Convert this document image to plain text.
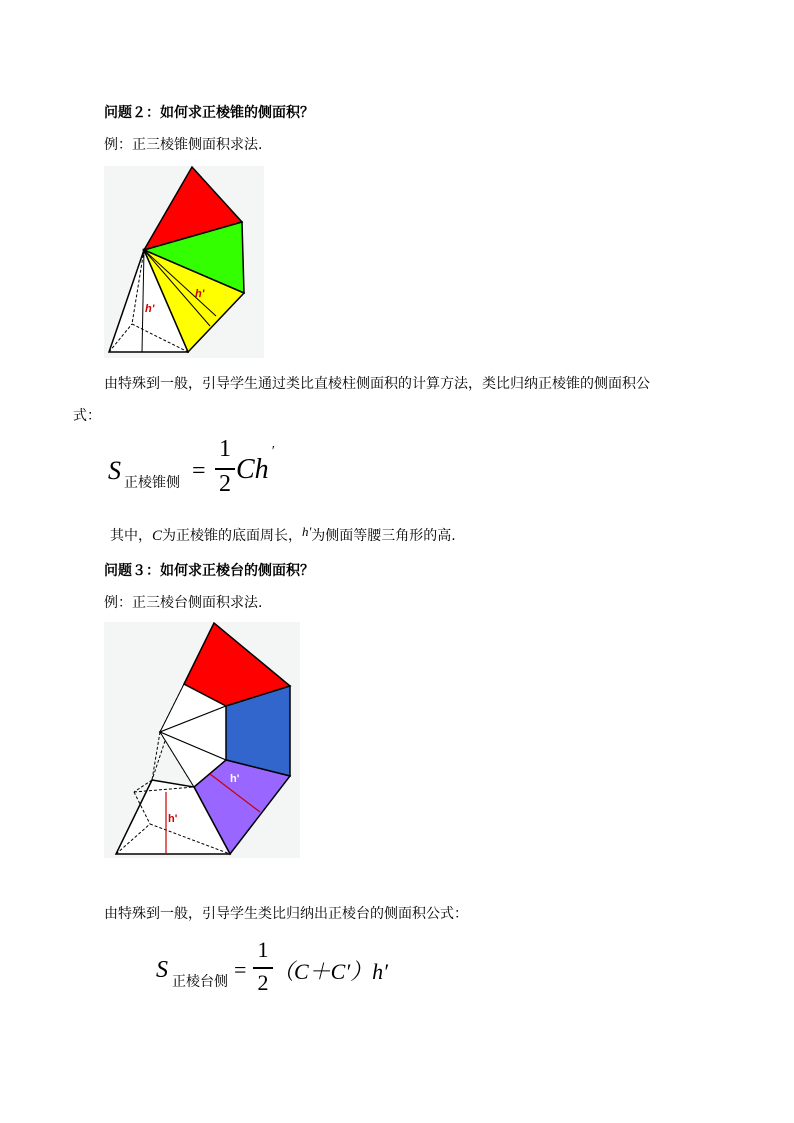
问题２：如何求正棱锥的侧面积？
例：正三棱锥侧面积求法.
h'
h'
由特殊到一般，引导学生通过类比直棱柱侧面积的计算方法，类比归纳正棱锥的侧面积公
式：
S 正棱锥侧 =
1
2 Ch
′
其中，C为正棱锥的底面周长，h'为侧面等腰三角形的高.
问题３：如何求正棱台的侧面积？
例：正三棱台侧面积求法.
h'
h'
由特殊到一般，引导学生类比归纳出正棱台的侧面积公式：
S 正棱台侧 =
1
2 （C＋C′）h′
